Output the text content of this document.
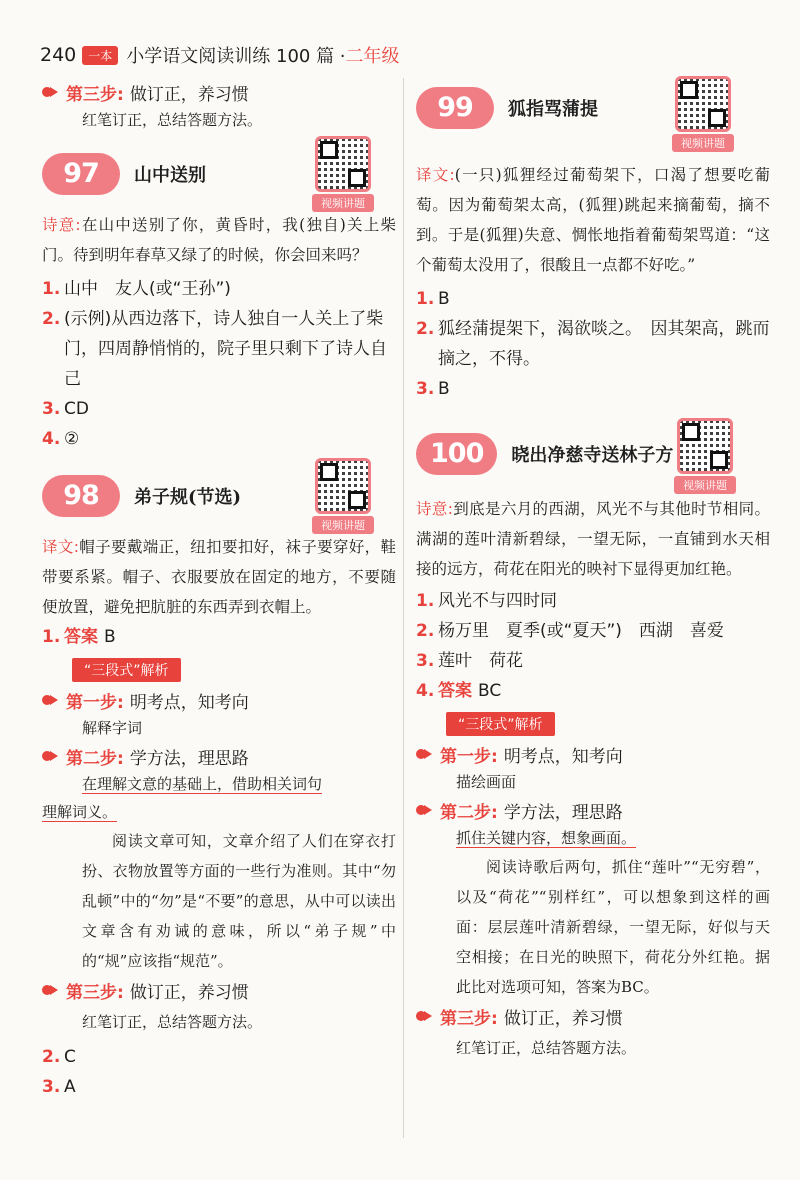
240	一本 小学语文阅读训练 100 篇 · 二年级
第三步: 做订正，养习惯
红笔订正，总结答题方法。
97	山中送别
视频讲题
诗意:在山中送别了你，黄昏时，我(独自)关上柴门。待到明年春草又绿了的时候，你会回来吗？
1. 山中　友人(或“王孙”)
2. (示例)从西边落下，诗人独自一人关上了柴门，四周静悄悄的，院子里只剩下了诗人自己
3. CD
4. ②
98	弟子规(节选)
视频讲题
译文:帽子要戴端正，纽扣要扣好，袜子要穿好，鞋带要系紧。帽子、衣服要放在固定的地方，不要随便放置，避免把肮脏的东西弄到衣帽上。
1. 答案 B
“三段式”解析
第一步: 明考点，知考向
解释字词
第二步: 学方法，理思路
在理解文意的基础上，借助相关词句
理解词义。
阅读文章可知，文章介绍了人们在穿衣打扮、衣物放置等方面的一些行为准则。其中“勿乱顿”中的“勿”是“不要”的意思，从中可以读出文章含有劝诫的意味，所以“弟子规”中的“规”应该指“规范”。
第三步: 做订正，养习惯
红笔订正，总结答题方法。
2. C
3. A
99	狐指骂蒲提
视频讲题
译文:(一只)狐狸经过葡萄架下，口渴了想要吃葡萄。因为葡萄架太高，(狐狸)跳起来摘葡萄，摘不到。于是(狐狸)失意、惆怅地指着葡萄架骂道：“这个葡萄太没用了，很酸且一点都不好吃。”
1. B
2. 狐经蒲提架下，渴欲啖之。　因其架高，跳而摘之，不得。
3. B
100	晓出净慈寺送林子方
视频讲题
诗意:到底是六月的西湖，风光不与其他时节相同。满湖的莲叶清新碧绿，一望无际，一直铺到水天相接的远方，荷花在阳光的映衬下显得更加红艳。
1. 风光不与四时同
2. 杨万里　夏季(或“夏天”)　西湖　喜爱
3. 莲叶　荷花
4. 答案 BC
“三段式”解析
第一步: 明考点，知考向
描绘画面
第二步: 学方法，理思路
抓住关键内容，想象画面。
阅读诗歌后两句，抓住“莲叶”“无穷碧”，以及“荷花”“别样红”，可以想象到这样的画面：层层莲叶清新碧绿，一望无际，好似与天空相接；在日光的映照下，荷花分外红艳。据此比对选项可知，答案为BC。
第三步: 做订正，养习惯
红笔订正，总结答题方法。
